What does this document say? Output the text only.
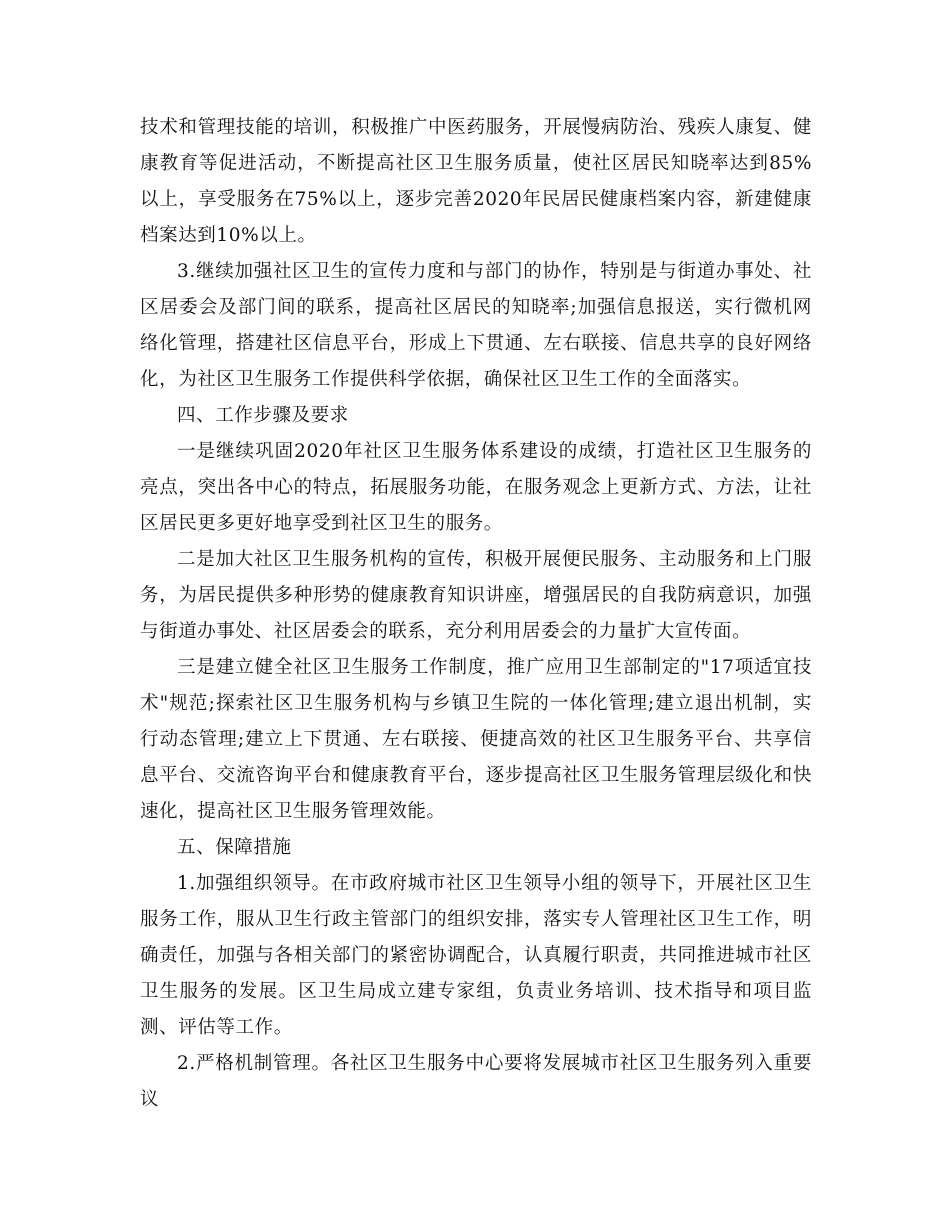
技术和管理技能的培训，积极推广中医药服务，开展慢病防治、残疾人康复、健康教育等促进活动，不断提高社区卫生服务质量，使社区居民知晓率达到85%以上，享受服务在75%以上，逐步完善2020年民居民健康档案内容，新建健康档案达到10%以上。

3.继续加强社区卫生的宣传力度和与部门的协作，特别是与街道办事处、社区居委会及部门间的联系，提高社区居民的知晓率;加强信息报送，实行微机网络化管理，搭建社区信息平台，形成上下贯通、左右联接、信息共享的良好网络化，为社区卫生服务工作提供科学依据，确保社区卫生工作的全面落实。

四、工作步骤及要求

一是继续巩固2020年社区卫生服务体系建设的成绩，打造社区卫生服务的亮点，突出各中心的特点，拓展服务功能，在服务观念上更新方式、方法，让社区居民更多更好地享受到社区卫生的服务。

二是加大社区卫生服务机构的宣传，积极开展便民服务、主动服务和上门服务，为居民提供多种形势的健康教育知识讲座，增强居民的自我防病意识，加强与街道办事处、社区居委会的联系，充分利用居委会的力量扩大宣传面。

三是建立健全社区卫生服务工作制度，推广应用卫生部制定的"17项适宜技术"规范;探索社区卫生服务机构与乡镇卫生院的一体化管理;建立退出机制，实行动态管理;建立上下贯通、左右联接、便捷高效的社区卫生服务平台、共享信息平台、交流咨询平台和健康教育平台，逐步提高社区卫生服务管理层级化和快速化，提高社区卫生服务管理效能。

五、保障措施

1.加强组织领导。在市政府城市社区卫生领导小组的领导下，开展社区卫生服务工作，服从卫生行政主管部门的组织安排，落实专人管理社区卫生工作，明确责任，加强与各相关部门的紧密协调配合，认真履行职责，共同推进城市社区卫生服务的发展。区卫生局成立建专家组，负责业务培训、技术指导和项目监测、评估等工作。

2.严格机制管理。各社区卫生服务中心要将发展城市社区卫生服务列入重要议
